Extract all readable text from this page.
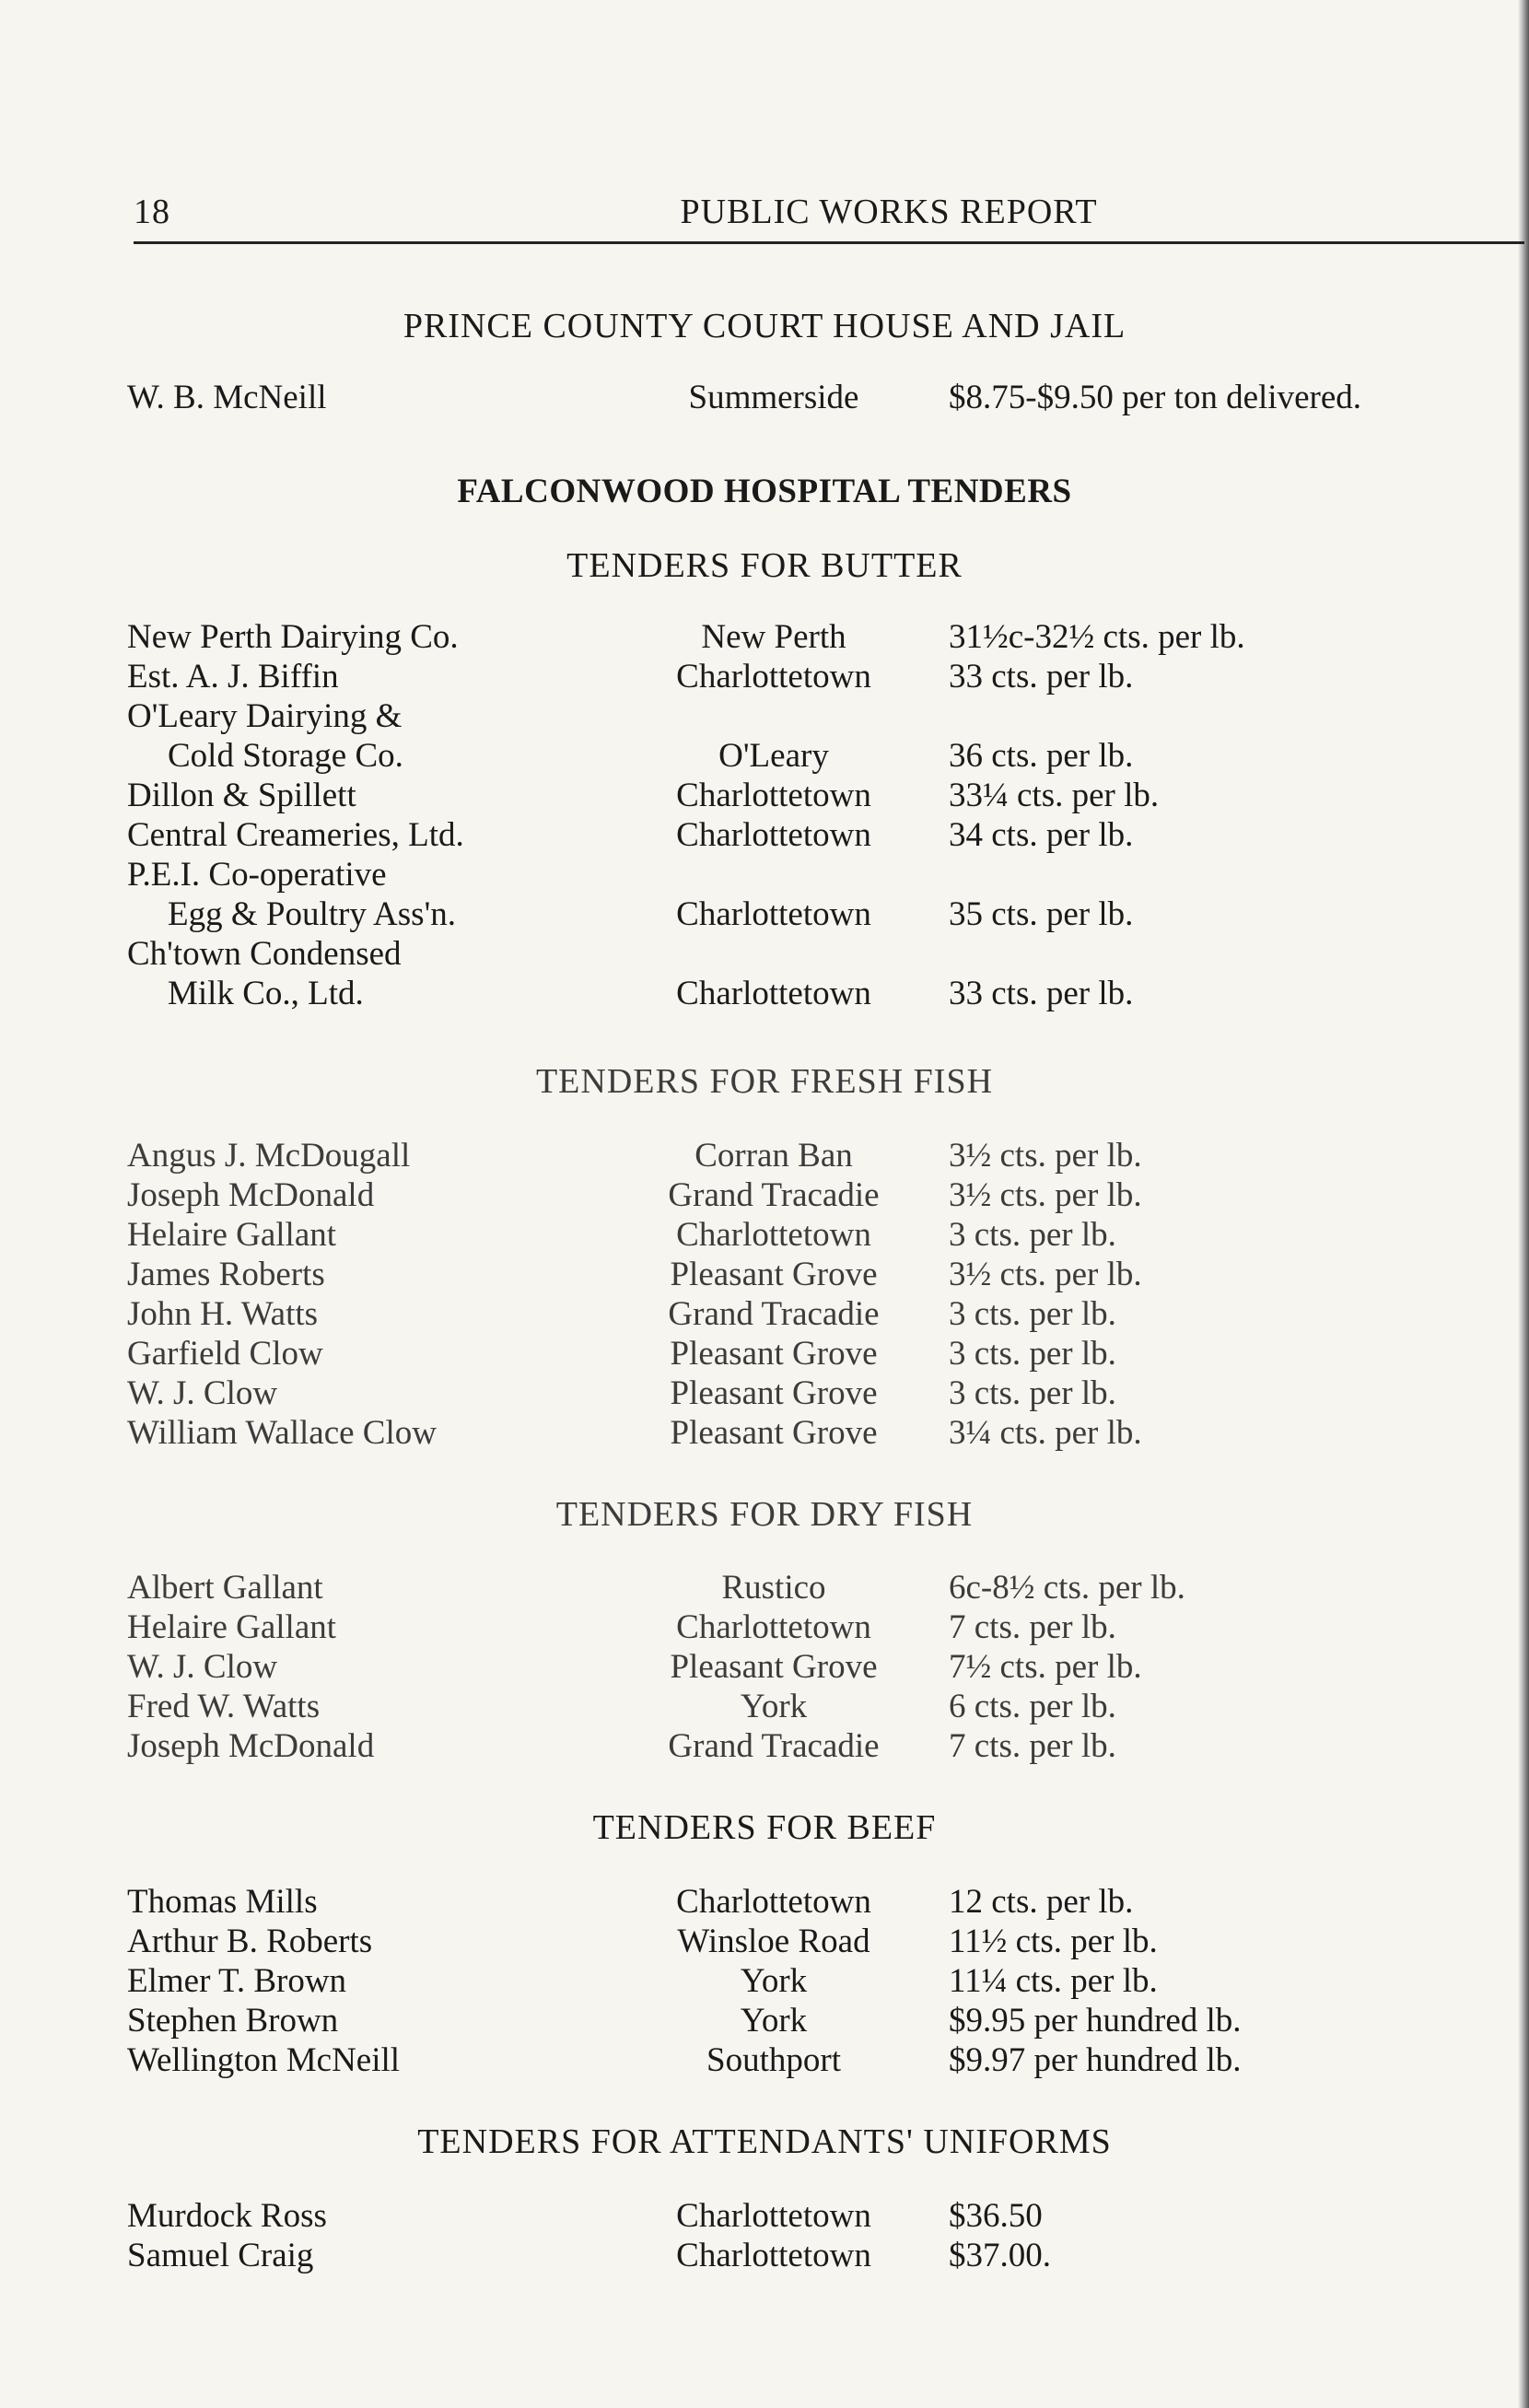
18	PUBLIC WORKS REPORT
PRINCE COUNTY COURT HOUSE AND JAIL
W. B. McNeill	Summerside	$8.75-$9.50 per ton delivered.
FALCONWOOD HOSPITAL TENDERS
TENDERS FOR BUTTER
New Perth Dairying Co.	New Perth	31½c-32½ cts. per lb.
Est. A. J. Biffin	Charlottetown	33 cts. per lb.
O'Leary Dairying &
Cold Storage Co.	O'Leary	36 cts. per lb.
Dillon & Spillett	Charlottetown	33¼ cts. per lb.
Central Creameries, Ltd.	Charlottetown	34 cts. per lb.
P.E.I. Co-operative
Egg & Poultry Ass'n.	Charlottetown	35 cts. per lb.
Ch'town Condensed
Milk Co., Ltd.	Charlottetown	33 cts. per lb.
TENDERS FOR FRESH FISH
Angus J. McDougall	Corran Ban	3½ cts. per lb.
Joseph McDonald	Grand Tracadie	3½ cts. per lb.
Helaire Gallant	Charlottetown	3 cts. per lb.
James Roberts	Pleasant Grove	3½ cts. per lb.
John H. Watts	Grand Tracadie	3 cts. per lb.
Garfield Clow	Pleasant Grove	3 cts. per lb.
W. J. Clow	Pleasant Grove	3 cts. per lb.
William Wallace Clow	Pleasant Grove	3¼ cts. per lb.
TENDERS FOR DRY FISH
Albert Gallant	Rustico	6c-8½ cts. per lb.
Helaire Gallant	Charlottetown	7 cts. per lb.
W. J. Clow	Pleasant Grove	7½ cts. per lb.
Fred W. Watts	York	6 cts. per lb.
Joseph McDonald	Grand Tracadie	7 cts. per lb.
TENDERS FOR BEEF
Thomas Mills	Charlottetown	12 cts. per lb.
Arthur B. Roberts	Winsloe Road	11½ cts. per lb.
Elmer T. Brown	York	11¼ cts. per lb.
Stephen Brown	York	$9.95 per hundred lb.
Wellington McNeill	Southport	$9.97 per hundred lb.
TENDERS FOR ATTENDANTS' UNIFORMS
Murdock Ross	Charlottetown	$36.50
Samuel Craig	Charlottetown	$37.00.
